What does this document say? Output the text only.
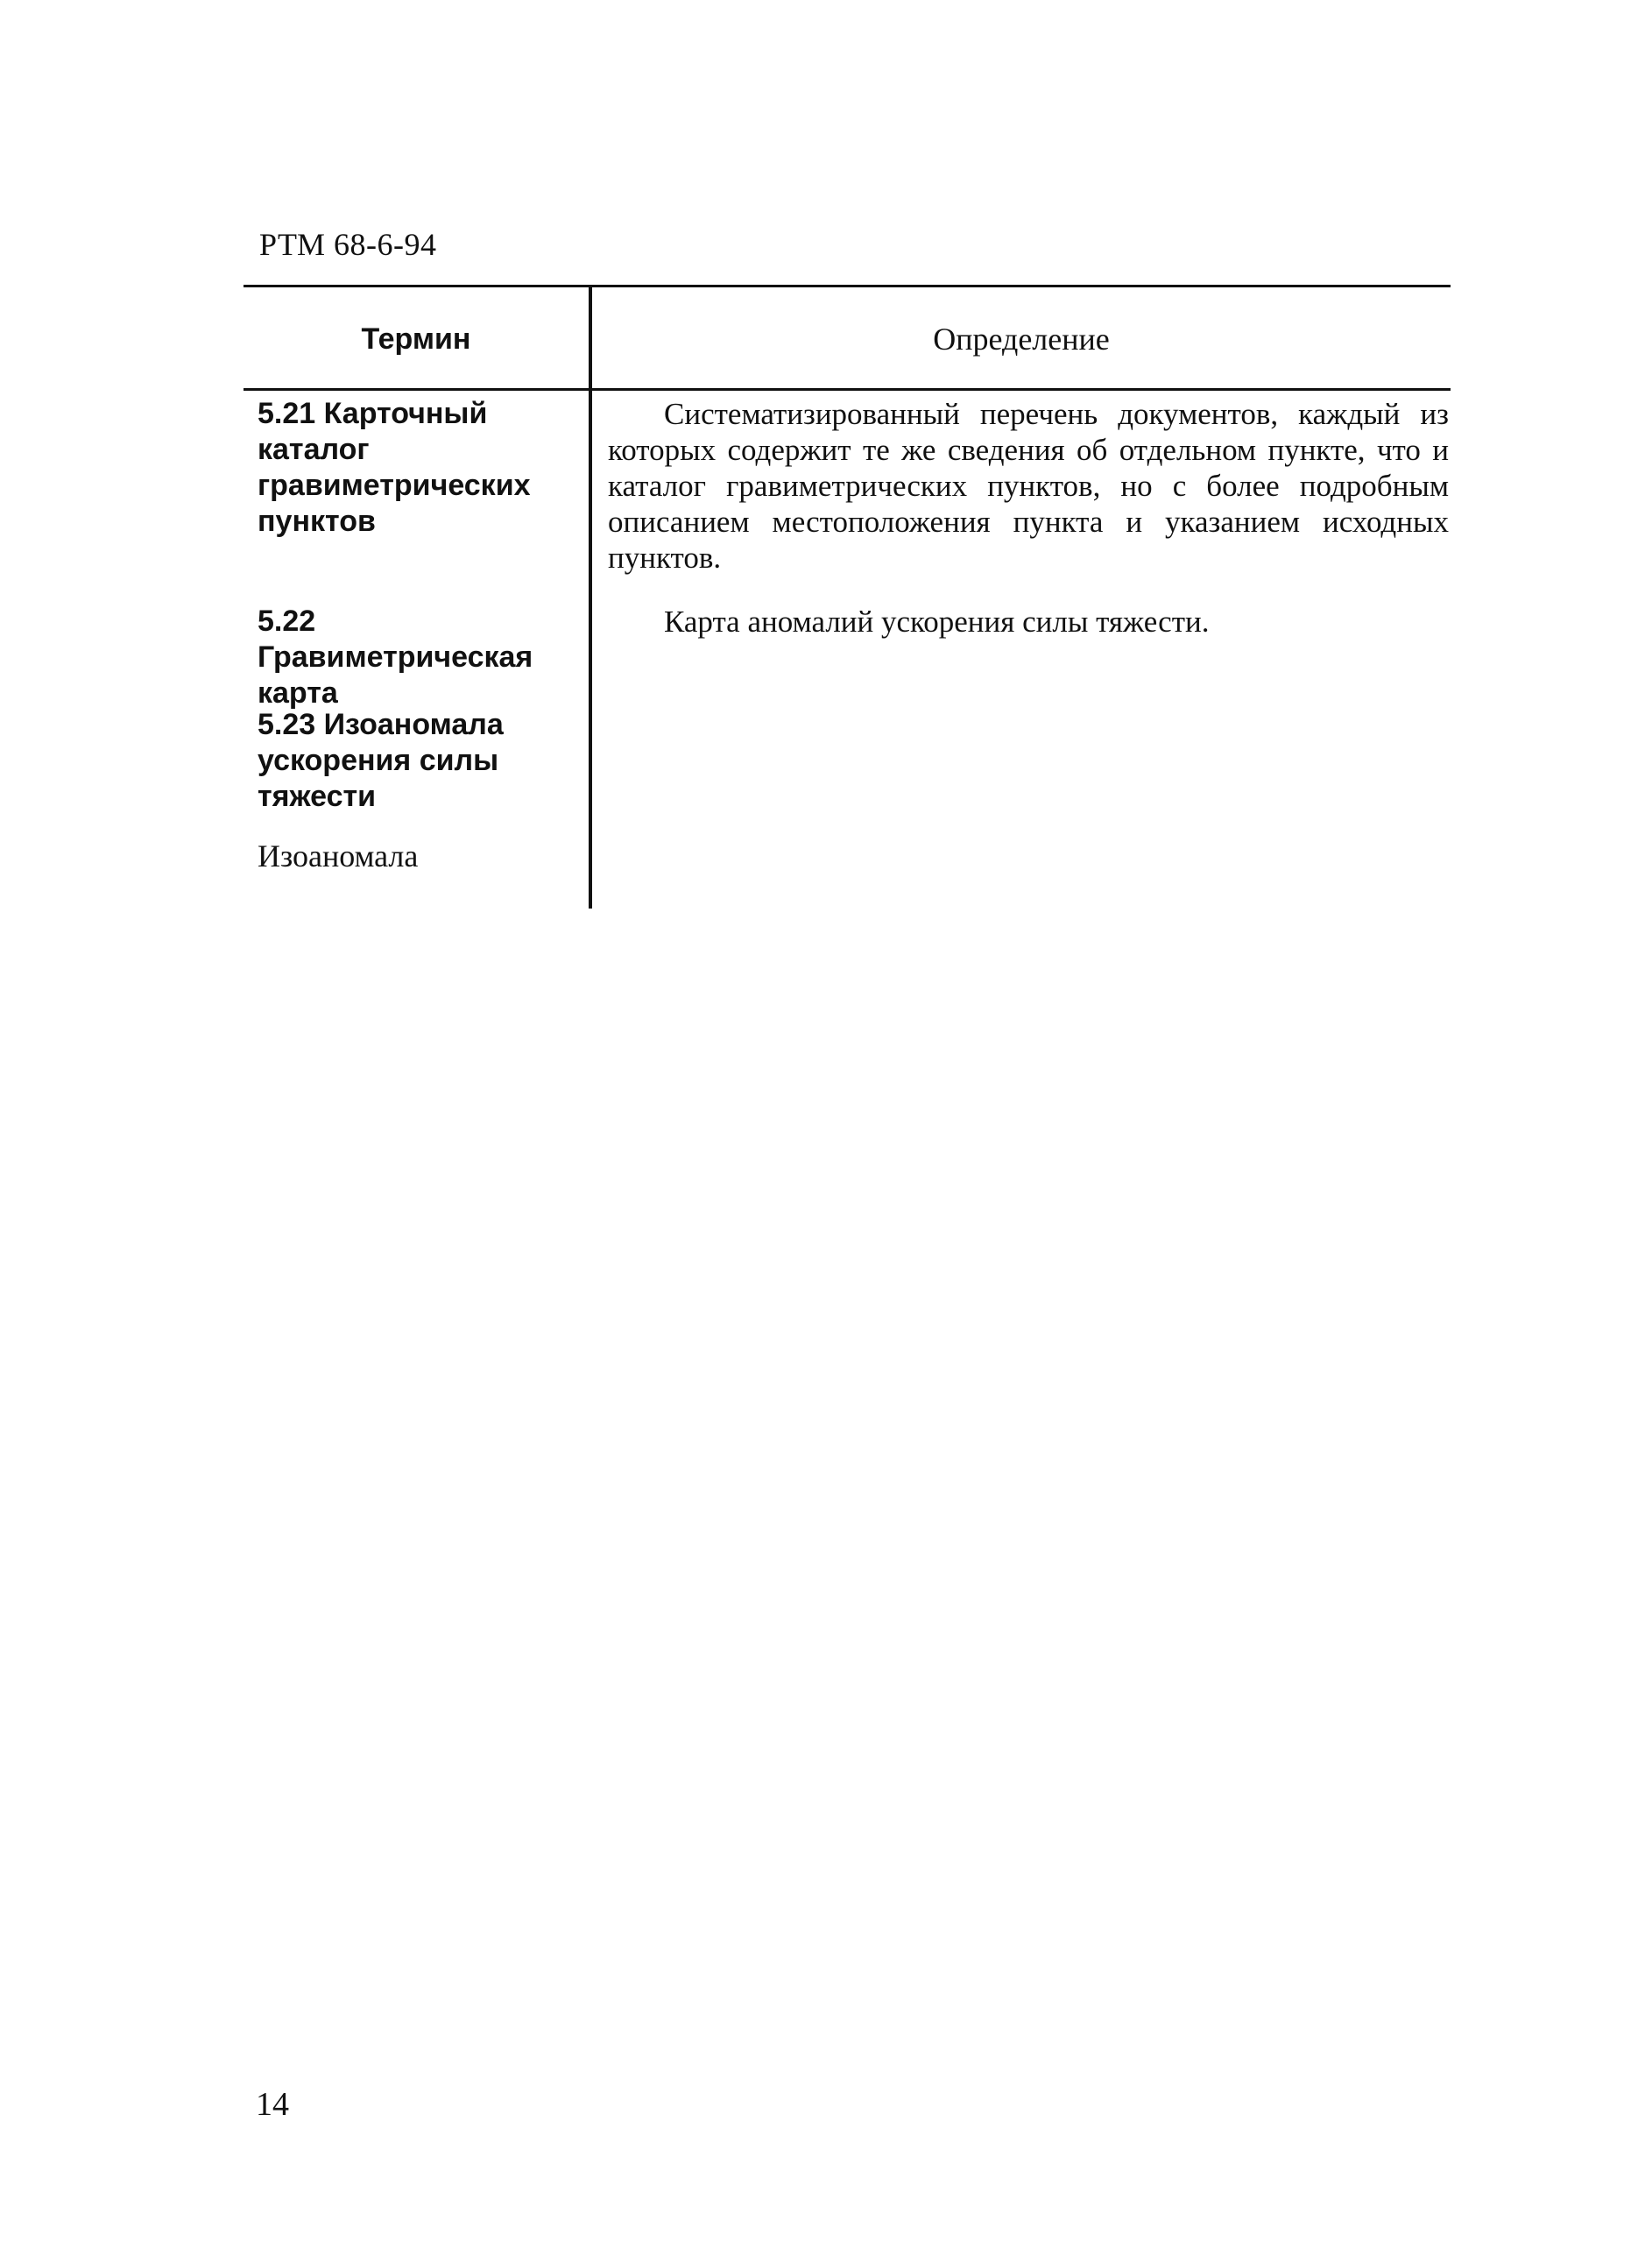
РТМ 68-6-94
Термин	Определение
5.21 Карточный каталог гравиметрических пунктов
Систематизированный перечень документов, каждый из которых содержит те же сведения об отдельном пункте, что и каталог гравиметрических пунктов, но с более подробным описанием местоположения пункта и указанием исходных пунктов.
5.22 Гравиметрическая карта
Карта аномалий ускорения силы тяжести.
5.23 Изоаномала ускорения силы тяжести
Изоаномала
14
